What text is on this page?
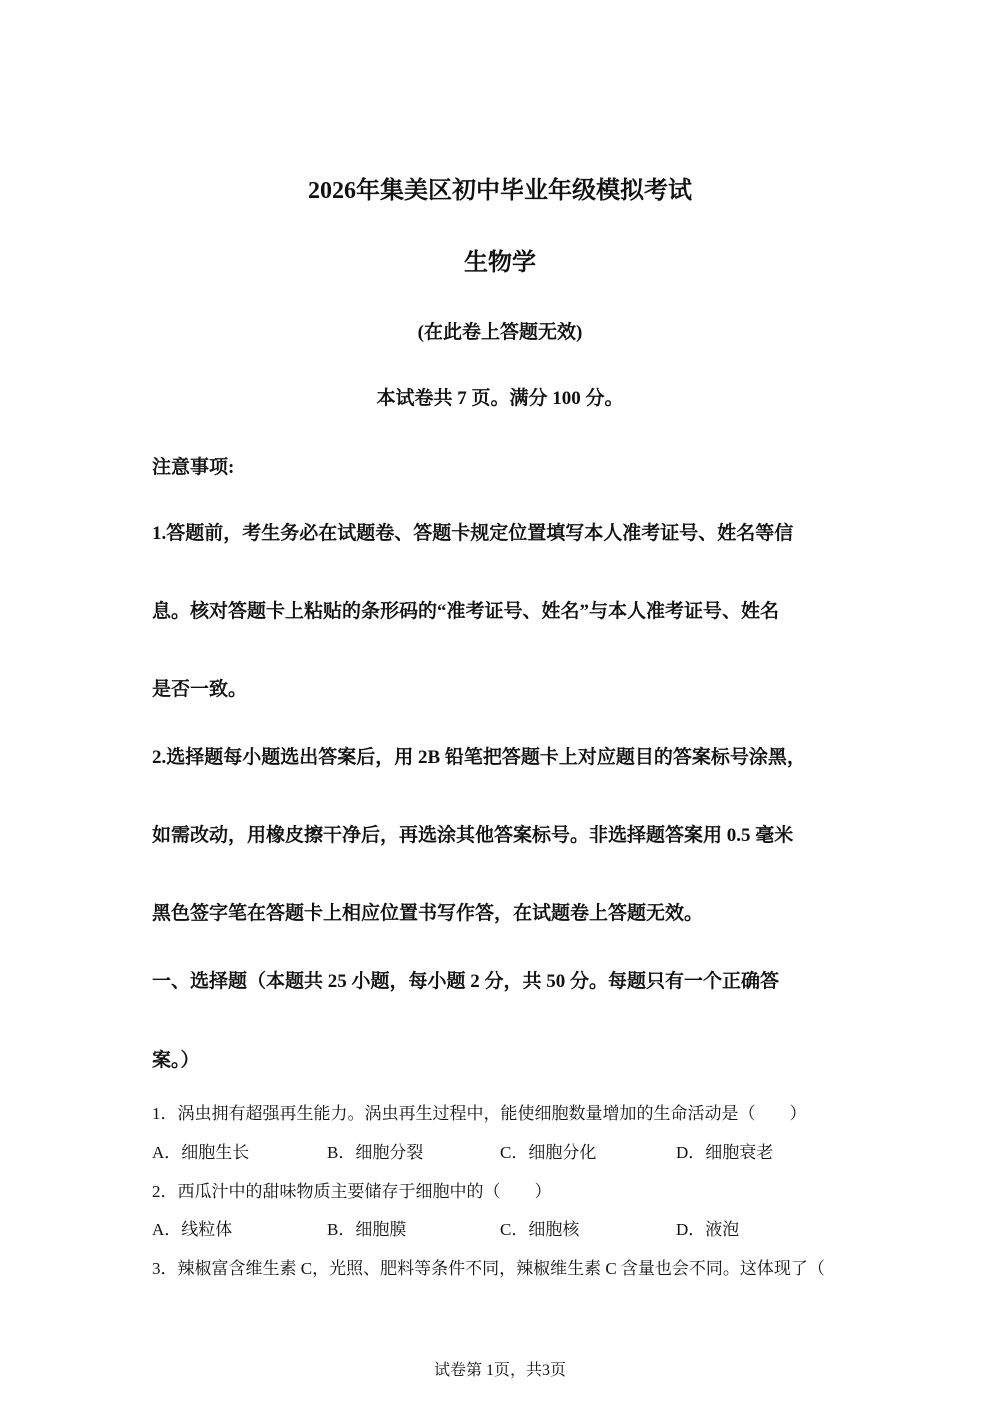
2026年集美区初中毕业年级模拟考试
生物学
(在此卷上答题无效)
本试卷共 7 页。满分 100 分。
注意事项:
1.答题前，考生务必在试题卷、答题卡规定位置填写本人准考证号、姓名等信
息。核对答题卡上粘贴的条形码的“准考证号、姓名”与本人准考证号、姓名
是否一致。
2.选择题每小题选出答案后，用 2B 铅笔把答题卡上对应题目的答案标号涂黑，
如需改动，用橡皮擦干净后，再选涂其他答案标号。非选择题答案用 0.5 毫米
黑色签字笔在答题卡上相应位置书写作答，在试题卷上答题无效。
一、选择题（本题共 25 小题，每小题 2 分，共 50 分。每题只有一个正确答
案。）
1．涡虫拥有超强再生能力。涡虫再生过程中，能使细胞数量增加的生命活动是（　　）
A．细胞生长	B．细胞分裂	C．细胞分化	D．细胞衰老
2．西瓜汁中的甜味物质主要储存于细胞中的（　　）
A．线粒体	B．细胞膜	C．细胞核	D．液泡
3．辣椒富含维生素 C，光照、肥料等条件不同，辣椒维生素 C 含量也会不同。这体现了（
试卷第 1页，共3页
